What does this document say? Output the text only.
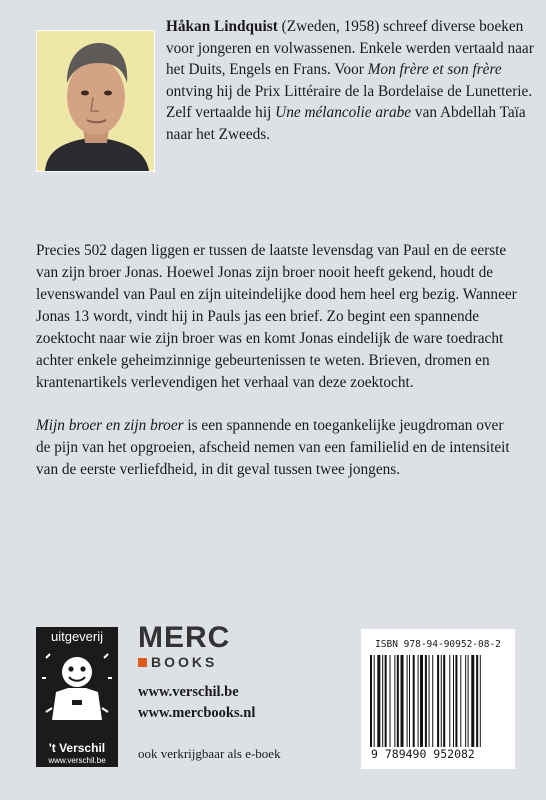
Håkan Lindquist (Zweden, 1958) schreef diverse boeken voor jongeren en volwassenen. Enkele werden vertaald naar het Duits, Engels en Frans. Voor Mon frère et son frère ontving hij de Prix Littéraire de la Bordelaise de Lunetterie. Zelf vertaalde hij Une mélancolie arabe van Abdellah Taïa naar het Zweeds.

Precies 502 dagen liggen er tussen de laatste levensdag van Paul en de eerste van zijn broer Jonas. Hoewel Jonas zijn broer nooit heeft gekend, houdt de levenswandel van Paul en zijn uiteindelijke dood hem heel erg bezig. Wanneer Jonas 13 wordt, vindt hij in Pauls jas een brief. Zo begint een spannende zoektocht naar wie zijn broer was en komt Jonas eindelijk de ware toedracht achter enkele geheimzinnige gebeurtenissen te weten. Brieven, dromen en krantenartikels verlevendigen het verhaal van deze zoektocht.

Mijn broer en zijn broer is een spannende en toegankelijke jeugdroman over de pijn van het opgroeien, afscheid nemen van een familielid en de intensiteit van de eerste verliefdheid, in dit geval tussen twee jongens.

uitgeverij
't Verschil
www.verschil.be
MERC
BOOKS
www.verschil.be
www.mercbooks.nl
ook verkrijgbaar als e-boek
ISBN 978-94-90952-08-2
9 789490 952082
